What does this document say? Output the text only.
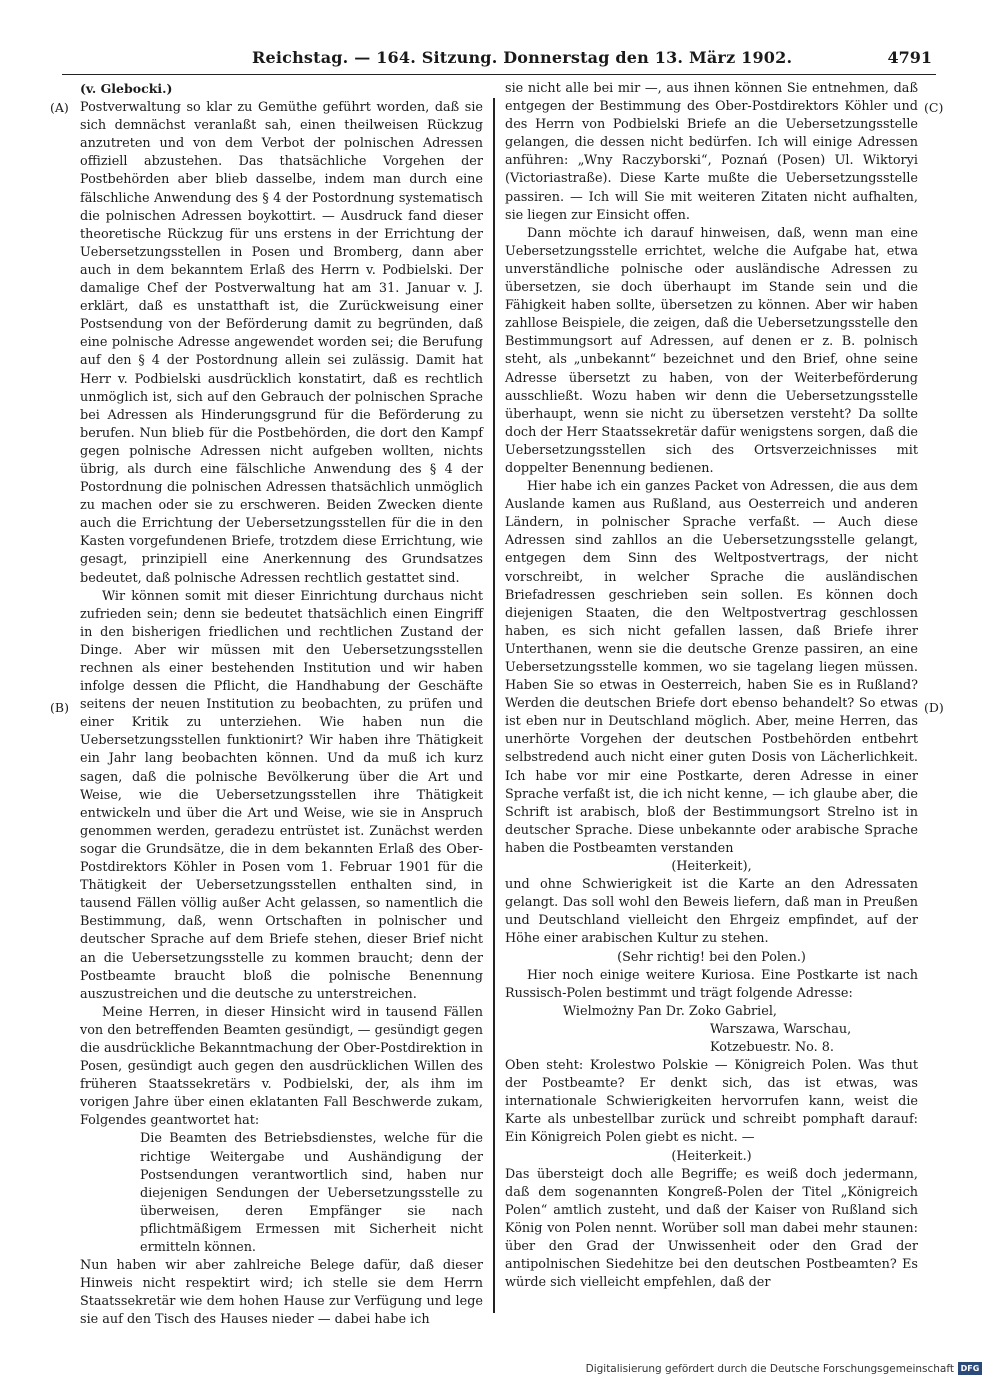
Reichstag. — 164. Sitzung. Donnerstag den 13. März 1902.	4791
(A)
(B)
(C)
(D)

(v. Glebocki.)

Postverwaltung so klar zu Gemüthe geführt worden, daß sie sich demnächst veranlaßt sah, einen theilweisen Rückzug anzutreten und von dem Verbot der polnischen Adressen offiziell abzustehen. Das thatsächliche Vorgehen der Postbehörden aber blieb dasselbe, indem man durch eine fälschliche Anwendung des § 4 der Postordnung systematisch die polnischen Adressen boykottirt. — Ausdruck fand dieser theoretische Rückzug für uns erstens in der Errichtung der Uebersetzungsstellen in Posen und Bromberg, dann aber auch in dem bekanntem Erlaß des Herrn v. Podbielski. Der damalige Chef der Postverwaltung hat am 31. Januar v. J. erklärt, daß es unstatthaft ist, die Zurückweisung einer Postsendung von der Beförderung damit zu begründen, daß eine polnische Adresse angewendet worden sei; die Berufung auf den § 4 der Postordnung allein sei zulässig. Damit hat Herr v. Podbielski ausdrücklich konstatirt, daß es rechtlich unmöglich ist, sich auf den Gebrauch der polnischen Sprache bei Adressen als Hinderungsgrund für die Beförderung zu berufen. Nun blieb für die Postbehörden, die dort den Kampf gegen polnische Adressen nicht aufgeben wollten, nichts übrig, als durch eine fälschliche Anwendung des § 4 der Postordnung die polnischen Adressen thatsächlich unmöglich zu machen oder sie zu erschweren. Beiden Zwecken diente auch die Errichtung der Uebersetzungsstellen für die in den Kasten vorgefundenen Briefe, trotzdem diese Errichtung, wie gesagt, prinzipiell eine Anerkennung des Grundsatzes bedeutet, daß polnische Adressen rechtlich gestattet sind.

Wir können somit mit dieser Einrichtung durchaus nicht zufrieden sein; denn sie bedeutet thatsächlich einen Eingriff in den bisherigen friedlichen und rechtlichen Zustand der Dinge. Aber wir müssen mit den Uebersetzungsstellen rechnen als einer bestehenden Institution und wir haben infolge dessen die Pflicht, die Handhabung der Geschäfte seitens der neuen Institution zu beobachten, zu prüfen und einer Kritik zu unterziehen. Wie haben nun die Uebersetzungsstellen funktionirt? Wir haben ihre Thätigkeit ein Jahr lang beobachten können. Und da muß ich kurz sagen, daß die polnische Bevölkerung über die Art und Weise, wie die Uebersetzungsstellen ihre Thätigkeit entwickeln und über die Art und Weise, wie sie in Anspruch genommen werden, geradezu entrüstet ist. Zunächst werden sogar die Grundsätze, die in dem bekannten Erlaß des Ober-Postdirektors Köhler in Posen vom 1. Februar 1901 für die Thätigkeit der Uebersetzungsstellen enthalten sind, in tausend Fällen völlig außer Acht gelassen, so namentlich die Bestimmung, daß, wenn Ortschaften in polnischer und deutscher Sprache auf dem Briefe stehen, dieser Brief nicht an die Uebersetzungsstelle zu kommen braucht; denn der Postbeamte braucht bloß die polnische Benennung auszustreichen und die deutsche zu unterstreichen.

Meine Herren, in dieser Hinsicht wird in tausend Fällen von den betreffenden Beamten gesündigt, — gesündigt gegen die ausdrückliche Bekanntmachung der Ober-Postdirektion in Posen, gesündigt auch gegen den ausdrücklichen Willen des früheren Staatssekretärs v. Podbielski, der, als ihm im vorigen Jahre über einen eklatanten Fall Beschwerde zukam, Folgendes geantwortet hat:

Die Beamten des Betriebsdienstes, welche für die richtige Weitergabe und Aushändigung der Postsendungen verantwortlich sind, haben nur diejenigen Sendungen der Uebersetzungsstelle zu überweisen, deren Empfänger sie nach pflichtmäßigem Ermessen mit Sicherheit nicht ermitteln können.

Nun haben wir aber zahlreiche Belege dafür, daß dieser Hinweis nicht respektirt wird; ich stelle sie dem Herrn Staatssekretär wie dem hohen Hause zur Verfügung und lege sie auf den Tisch des Hauses nieder — dabei habe ich

sie nicht alle bei mir —, aus ihnen können Sie entnehmen, daß entgegen der Bestimmung des Ober-Postdirektors Köhler und des Herrn von Podbielski Briefe an die Uebersetzungsstelle gelangen, die dessen nicht bedürfen. Ich will einige Adressen anführen: „Wny Raczyborski“, Poznań (Posen) Ul. Wiktoryi (Victoriastraße). Diese Karte mußte die Uebersetzungsstelle passiren. — Ich will Sie mit weiteren Zitaten nicht aufhalten, sie liegen zur Einsicht offen.

Dann möchte ich darauf hinweisen, daß, wenn man eine Uebersetzungsstelle errichtet, welche die Aufgabe hat, etwa unverständliche polnische oder ausländische Adressen zu übersetzen, sie doch überhaupt im Stande sein und die Fähigkeit haben sollte, übersetzen zu können. Aber wir haben zahllose Beispiele, die zeigen, daß die Uebersetzungsstelle den Bestimmungsort auf Adressen, auf denen er z. B. polnisch steht, als „unbekannt“ bezeichnet und den Brief, ohne seine Adresse übersetzt zu haben, von der Weiterbeförderung ausschließt. Wozu haben wir denn die Uebersetzungsstelle überhaupt, wenn sie nicht zu übersetzen versteht? Da sollte doch der Herr Staatssekretär dafür wenigstens sorgen, daß die Uebersetzungsstellen sich des Ortsverzeichnisses mit doppelter Benennung bedienen.

Hier habe ich ein ganzes Packet von Adressen, die aus dem Auslande kamen aus Rußland, aus Oesterreich und anderen Ländern, in polnischer Sprache verfaßt. — Auch diese Adressen sind zahllos an die Uebersetzungsstelle gelangt, entgegen dem Sinn des Weltpostvertrags, der nicht vorschreibt, in welcher Sprache die ausländischen Briefadressen geschrieben sein sollen. Es können doch diejenigen Staaten, die den Weltpostvertrag geschlossen haben, es sich nicht gefallen lassen, daß Briefe ihrer Unterthanen, wenn sie die deutsche Grenze passiren, an eine Uebersetzungsstelle kommen, wo sie tagelang liegen müssen. Haben Sie so etwas in Oesterreich, haben Sie es in Rußland? Werden die deutschen Briefe dort ebenso behandelt? So etwas ist eben nur in Deutschland möglich. Aber, meine Herren, das unerhörte Vorgehen der deutschen Postbehörden entbehrt selbstredend auch nicht einer guten Dosis von Lächerlichkeit. Ich habe vor mir eine Postkarte, deren Adresse in einer Sprache verfaßt ist, die ich nicht kenne, — ich glaube aber, die Schrift ist arabisch, bloß der Bestimmungsort Strelno ist in deutscher Sprache. Diese unbekannte oder arabische Sprache haben die Postbeamten verstanden

(Heiterkeit),

und ohne Schwierigkeit ist die Karte an den Adressaten gelangt. Das soll wohl den Beweis liefern, daß man in Preußen und Deutschland vielleicht den Ehrgeiz empfindet, auf der Höhe einer arabischen Kultur zu stehen.

(Sehr richtig! bei den Polen.)

Hier noch einige weitere Kuriosa. Eine Postkarte ist nach Russisch-Polen bestimmt und trägt folgende Adresse:

Wielmożny Pan Dr. Zoko Gabriel,

Warszawa, Warschau,

Kotzebuestr. No. 8.

Oben steht: Krolestwo Polskie — Königreich Polen. Was thut der Postbeamte? Er denkt sich, das ist etwas, was internationale Schwierigkeiten hervorrufen kann, weist die Karte als unbestellbar zurück und schreibt pomphaft darauf: Ein Königreich Polen giebt es nicht. —

(Heiterkeit.)

Das übersteigt doch alle Begriffe; es weiß doch jedermann, daß dem sogenannten Kongreß-Polen der Titel „Königreich Polen“ amtlich zusteht, und daß der Kaiser von Rußland sich König von Polen nennt. Worüber soll man dabei mehr staunen: über den Grad der Unwissenheit oder den Grad der antipolnischen Siedehitze bei den deutschen Postbeamten? Es würde sich vielleicht empfehlen, daß der

Digitalisierung gefördert durch die Deutsche Forschungsgemeinschaft DFG
